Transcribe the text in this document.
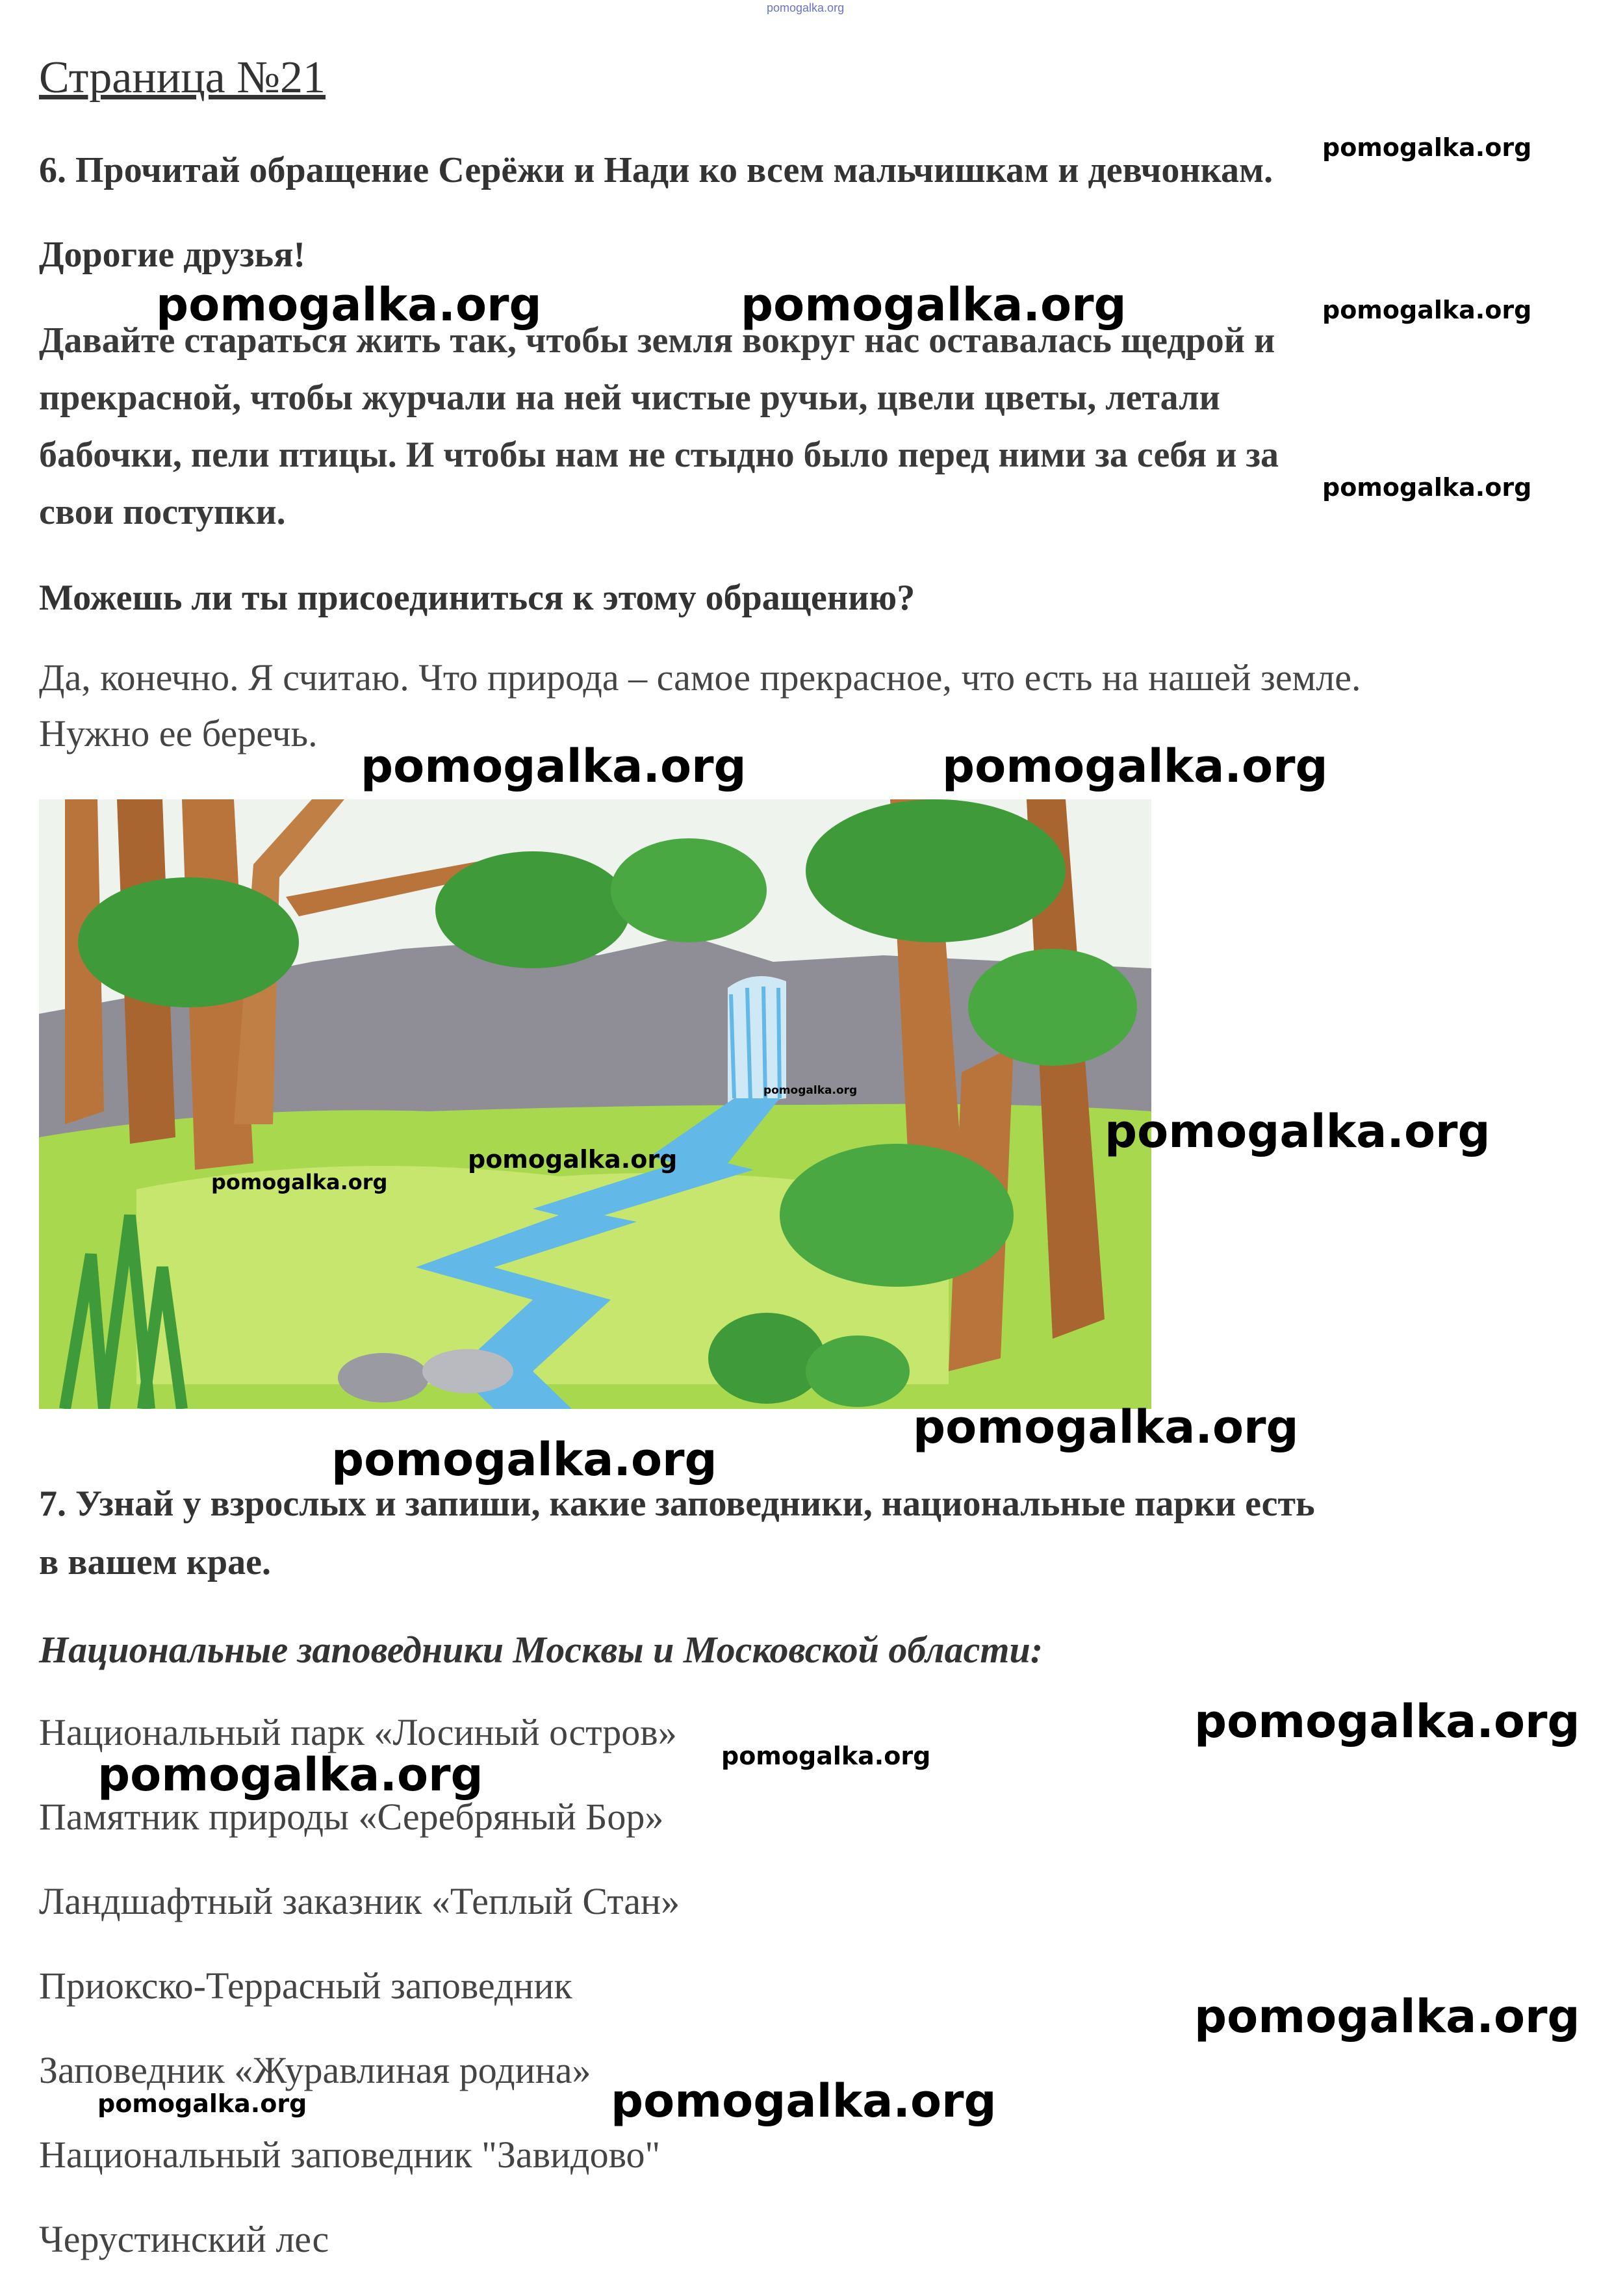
pomogalka.org
Страница №21
6. Прочитай обращение Серёжи и Нади ко всем мальчишкам и девчонкам.
Дорогие друзья!
Давайте стараться жить так, чтобы земля вокруг нас оставалась щедрой и
прекрасной, чтобы журчали на ней чистые ручьи, цвели цветы, летали
бабочки, пели птицы. И чтобы нам не стыдно было перед ними за себя и за
свои поступки.
Можешь ли ты присоединиться к этому обращению?
Да, конечно. Я считаю. Что природа – самое прекрасное, что есть на нашей земле.
Нужно ее беречь.
7. Узнай у взрослых и запиши, какие заповедники, национальные парки есть
в вашем крае.
Национальные заповедники Москвы и Московской области:
Национальный парк «Лосиный остров»
Памятник природы «Серебряный Бор»
Ландшафтный заказник «Теплый Стан»
Приокско-Террасный заповедник
Заповедник «Журавлиная родина»
Национальный заповедник "Завидово"
Черустинский лес
pomogalka.org
pomogalka.org	pomogalka.org	pomogalka.org
pomogalka.org
pomogalka.org	pomogalka.org
pomogalka.org
pomogalka.org
pomogalka.org
pomogalka.org
pomogalka.org
pomogalka.org
pomogalka.org
pomogalka.org
pomogalka.org
pomogalka.org
pomogalka.org	pomogalka.org
